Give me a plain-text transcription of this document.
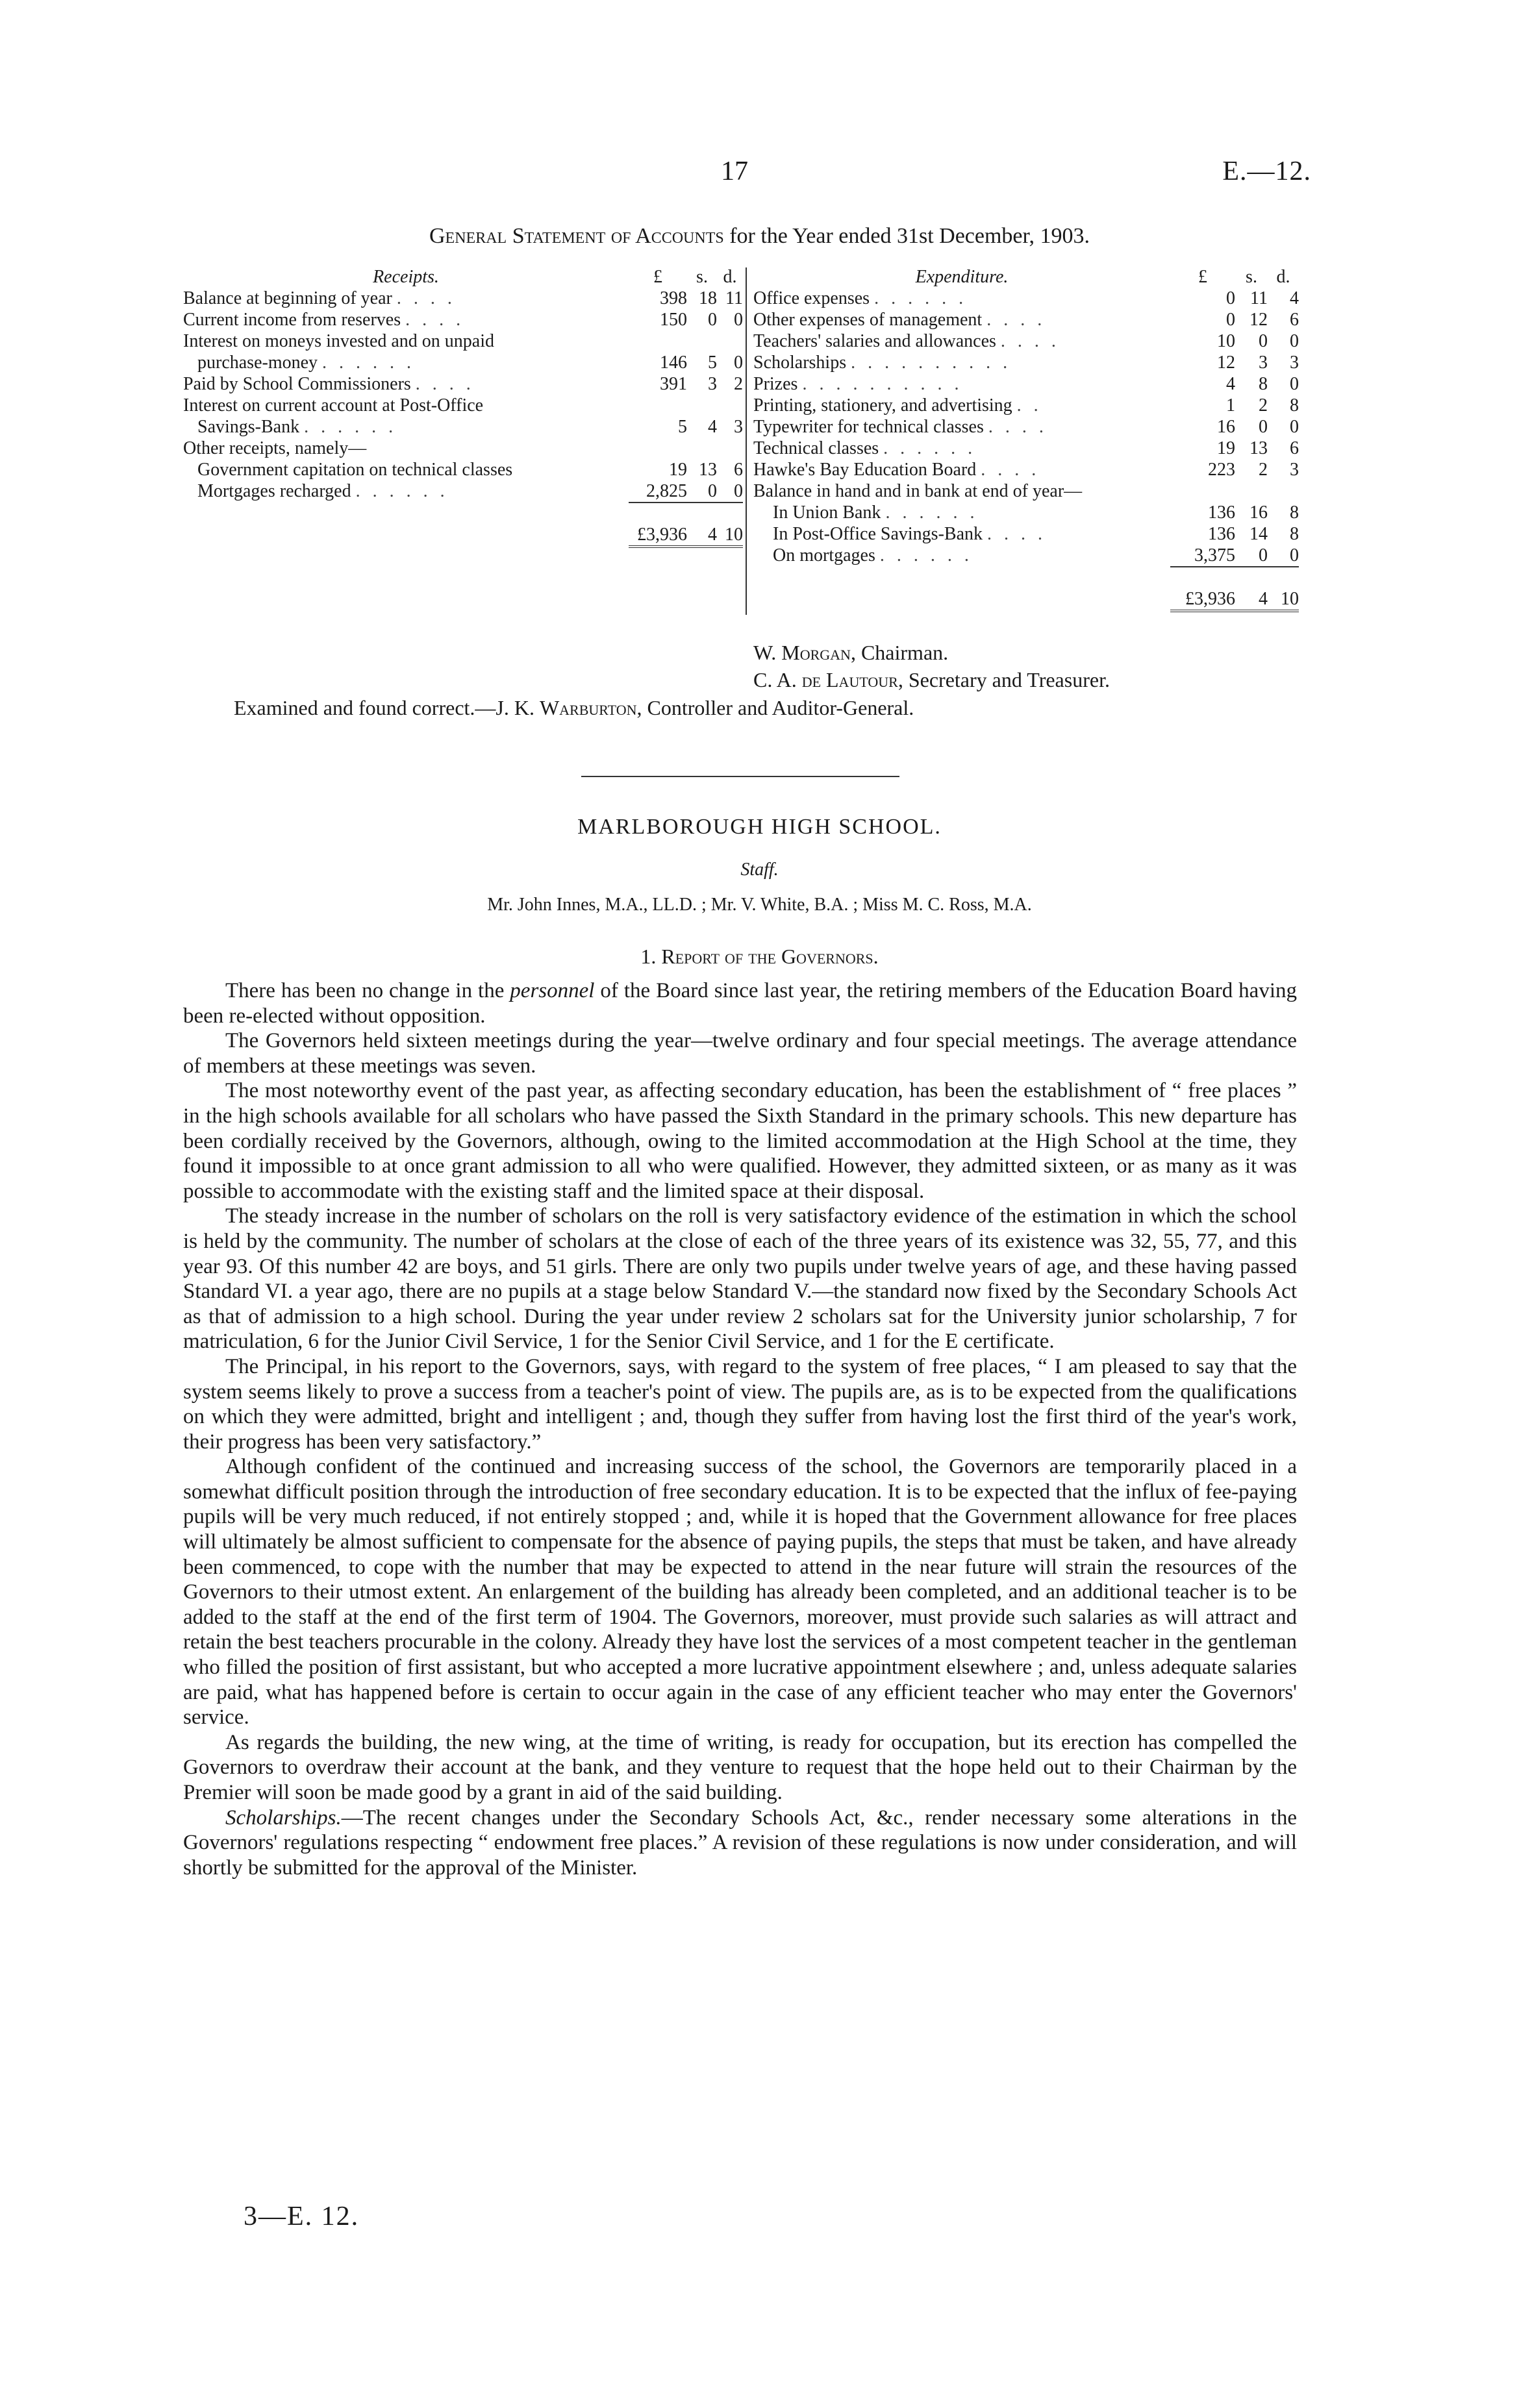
17	E.—12.
General Statement of Accounts for the Year ended 31st December, 1903.
Receipts.	£	s.	d.
Balance at beginning of year . . . .	398	18	11
Current income from reserves . . . .	150	0	0
Interest on moneys invested and on unpaid			
purchase-money . . . . . .	146	5	0
Paid by School Commissioners . . . .	391	3	2
Interest on current account at Post-Office			
Savings-Bank . . . . . .	5	4	3
Other receipts, namely—			
Government capitation on technical classes	19	13	6
Mortgages recharged . . . . . .	2,825	0	0
	£3,936	4	10
Expenditure.	£	s.	d.
Office expenses . . . . . .	0	11	4
Other expenses of management . . . .	0	12	6
Teachers' salaries and allowances . . . .	10	0	0
Scholarships . . . . . . . . . .	12	3	3
Prizes . . . . . . . . . .	4	8	0
Printing, stationery, and advertising . .	1	2	8
Typewriter for technical classes . . . .	16	0	0
Technical classes . . . . . .	19	13	6
Hawke's Bay Education Board . . . .	223	2	3
Balance in hand and in bank at end of year—			
In Union Bank . . . . . .	136	16	8
In Post-Office Savings-Bank . . . .	136	14	8
On mortgages . . . . . .	3,375	0	0
	£3,936	4	10
W. Morgan, Chairman.
C. A. de Lautour, Secretary and Treasurer.
Examined and found correct.—J. K. Warburton, Controller and Auditor-General.
MARLBOROUGH HIGH SCHOOL.
Staff.
Mr. John Innes, M.A., LL.D. ; Mr. V. White, B.A. ; Miss M. C. Ross, M.A.
1. Report of the Governors.

There has been no change in the personnel of the Board since last year, the retiring members of the Education Board having been re-elected without opposition.

The Governors held sixteen meetings during the year—twelve ordinary and four special meetings. The average attendance of members at these meetings was seven.

The most noteworthy event of the past year, as affecting secondary education, has been the establishment of “ free places ” in the high schools available for all scholars who have passed the Sixth Standard in the primary schools. This new departure has been cordially received by the Governors, although, owing to the limited accommodation at the High School at the time, they found it impossible to at once grant admission to all who were qualified. However, they admitted sixteen, or as many as it was possible to accommodate with the existing staff and the limited space at their disposal.

The steady increase in the number of scholars on the roll is very satisfactory evidence of the estimation in which the school is held by the community. The number of scholars at the close of each of the three years of its existence was 32, 55, 77, and this year 93. Of this number 42 are boys, and 51 girls. There are only two pupils under twelve years of age, and these having passed Standard VI. a year ago, there are no pupils at a stage below Standard V.—the standard now fixed by the Secondary Schools Act as that of admission to a high school. During the year under review 2 scholars sat for the University junior scholarship, 7 for matriculation, 6 for the Junior Civil Service, 1 for the Senior Civil Service, and 1 for the E certificate.

The Principal, in his report to the Governors, says, with regard to the system of free places, “ I am pleased to say that the system seems likely to prove a success from a teacher's point of view. The pupils are, as is to be expected from the qualifications on which they were admitted, bright and intelligent ; and, though they suffer from having lost the first third of the year's work, their progress has been very satisfactory.”

Although confident of the continued and increasing success of the school, the Governors are temporarily placed in a somewhat difficult position through the introduction of free secondary education. It is to be expected that the influx of fee-paying pupils will be very much reduced, if not entirely stopped ; and, while it is hoped that the Government allowance for free places will ultimately be almost sufficient to compensate for the absence of paying pupils, the steps that must be taken, and have already been commenced, to cope with the number that may be expected to attend in the near future will strain the resources of the Governors to their utmost extent. An enlargement of the building has already been completed, and an additional teacher is to be added to the staff at the end of the first term of 1904. The Governors, moreover, must provide such salaries as will attract and retain the best teachers procurable in the colony. Already they have lost the services of a most competent teacher in the gentleman who filled the position of first assistant, but who accepted a more lucrative appointment elsewhere ; and, unless adequate salaries are paid, what has happened before is certain to occur again in the case of any efficient teacher who may enter the Governors' service.

As regards the building, the new wing, at the time of writing, is ready for occupation, but its erection has compelled the Governors to overdraw their account at the bank, and they venture to request that the hope held out to their Chairman by the Premier will soon be made good by a grant in aid of the said building.

Scholarships.—The recent changes under the Secondary Schools Act, &c., render necessary some alterations in the Governors' regulations respecting “ endowment free places.” A revision of these regulations is now under consideration, and will shortly be submitted for the approval of the Minister.

3—E. 12.
